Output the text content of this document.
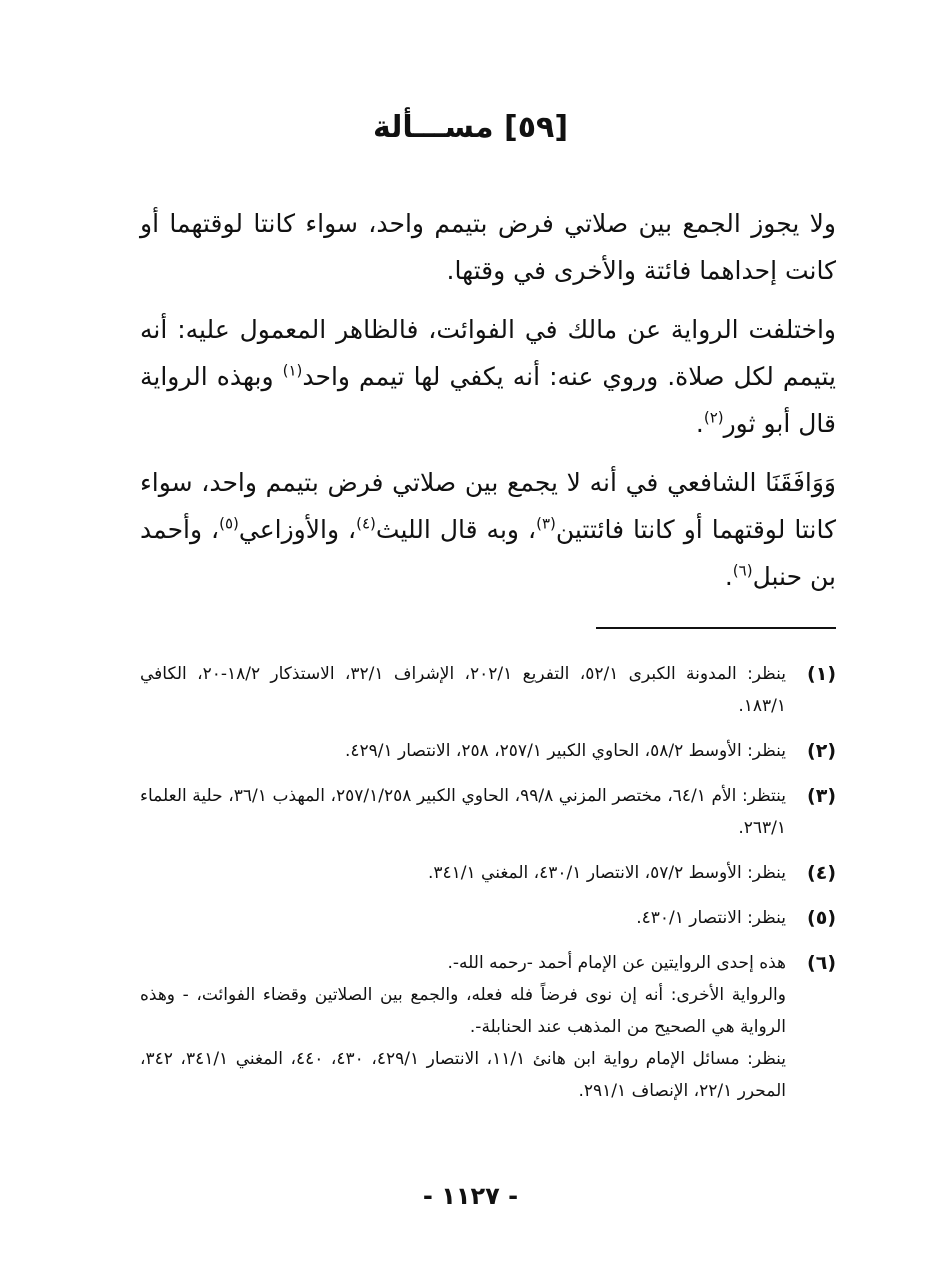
[٥٩] مســـألة

ولا يجوز الجمع بين صلاتي فرض بتيمم واحد، سواء كانتا لوقتهما أو كانت إحداهما فائتة والأخرى في وقتها.

واختلفت الرواية عن مالك في الفوائت، فالظاهر المعمول عليه: أنه يتيمم لكل صلاة. وروي عنه: أنه يكفي لها تيمم واحد$^{(١)}$ وبهذه الرواية قال أبو ثور$^{(٢)}$.

وَوَافَقَنَا الشافعي في أنه لا يجمع بين صلاتي فرض بتيمم واحد، سواء كانتا لوقتهما أو كانتا فائتتين$^{(٣)}$، وبه قال الليث$^{(٤)}$، والأوزاعي$^{(٥)}$، وأحمد بن حنبل$^{(٦)}$.

(١)
ينظر: المدونة الكبرى ٥٢/١، التفريع ٢٠٢/١، الإشراف ٣٢/١، الاستذكار ١٨/٢-٢٠، الكافي ١٨٣/١.
(٢)
ينظر: الأوسط ٥٨/٢، الحاوي الكبير ٢٥٧/١، ٢٥٨، الانتصار ٤٢٩/١.
(٣)
ينتظر: الأم ٦٤/١، مختصر المزني ٩٩/٨، الحاوي الكبير ٢٥٧/١/٢٥٨، المهذب ٣٦/١، حلية العلماء ٢٦٣/١.
(٤)
ينظر: الأوسط ٥٧/٢، الانتصار ٤٣٠/١، المغني ٣٤١/١.
(٥)
ينظر: الانتصار ٤٣٠/١.
(٦)
هذه إحدى الروايتين عن الإمام أحمد -رحمه الله-.
والرواية الأخرى: أنه إن نوى فرضاً فله فعله، والجمع بين الصلاتين وقضاء الفوائت، - وهذه الرواية هي الصحيح من المذهب عند الحنابلة-.
ينظر: مسائل الإمام رواية ابن هانئ ١١/١، الانتصار ٤٢٩/١، ٤٣٠، ٤٤٠، المغني ٣٤١/١، ٣٤٢، المحرر ٢٢/١، الإنصاف ٢٩١/١.
- ١١٢٧ -
